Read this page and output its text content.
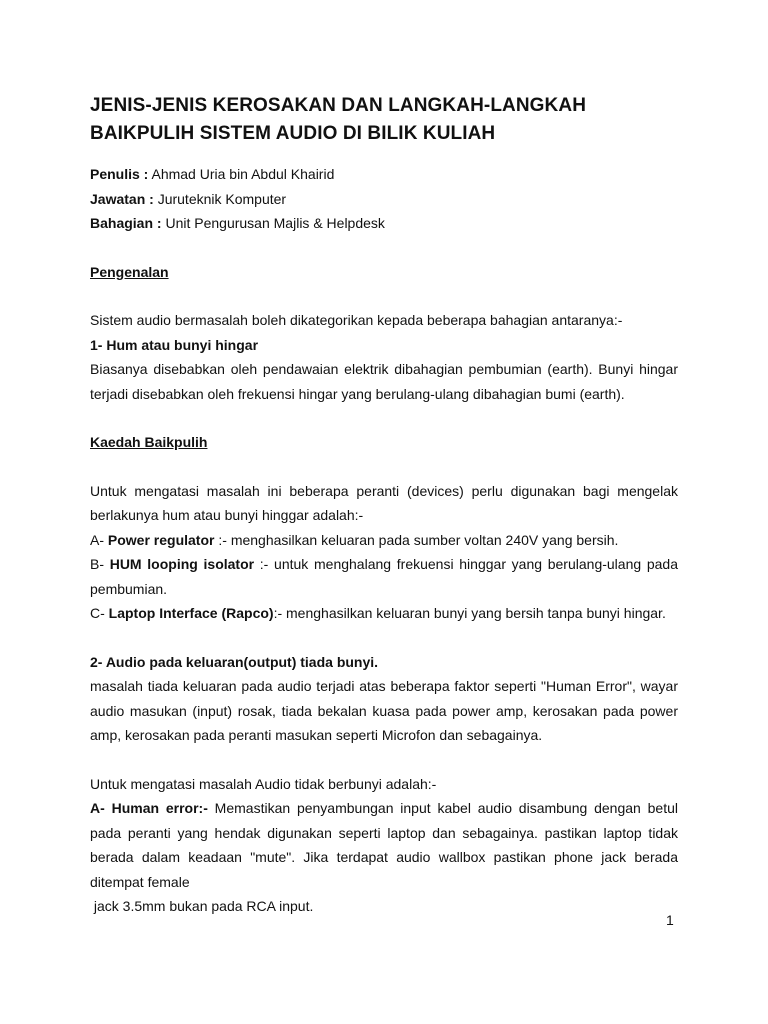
JENIS-JENIS KEROSAKAN DAN LANGKAH-LANGKAH
BAIKPULIH SISTEM AUDIO DI BILIK KULIAH

Penulis : Ahmad Uria bin Abdul Khairid

Jawatan : Juruteknik Komputer

Bahagian : Unit Pengurusan Majlis & Helpdesk

Pengenalan

Sistem audio bermasalah boleh dikategorikan kepada beberapa bahagian antaranya:-

1- Hum atau bunyi hingar

Biasanya disebabkan oleh pendawaian elektrik dibahagian pembumian (earth). Bunyi hingar terjadi disebabkan oleh frekuensi hingar yang berulang-ulang dibahagian bumi (earth).

Kaedah Baikpulih

Untuk mengatasi masalah ini beberapa peranti (devices) perlu digunakan bagi mengelak berlakunya hum atau bunyi hinggar adalah:-

A- Power regulator :- menghasilkan keluaran pada sumber voltan 240V yang bersih.

B- HUM looping isolator :- untuk menghalang frekuensi hinggar yang berulang-ulang pada pembumian.

C- Laptop Interface (Rapco):- menghasilkan keluaran bunyi yang bersih tanpa bunyi hingar.

2- Audio pada keluaran(output) tiada bunyi.

masalah tiada keluaran pada audio terjadi atas beberapa faktor seperti "Human Error", wayar audio masukan (input) rosak, tiada bekalan kuasa pada power amp, kerosakan pada power amp, kerosakan pada peranti masukan seperti Microfon dan sebagainya.

Untuk mengatasi masalah Audio tidak berbunyi adalah:-

A- Human error:- Memastikan penyambungan input kabel audio disambung dengan betul pada peranti yang hendak digunakan seperti laptop dan sebagainya. pastikan laptop tidak berada dalam keadaan "mute". Jika terdapat audio wallbox pastikan phone jack berada ditempat female

jack 3.5mm bukan pada RCA input.

1
